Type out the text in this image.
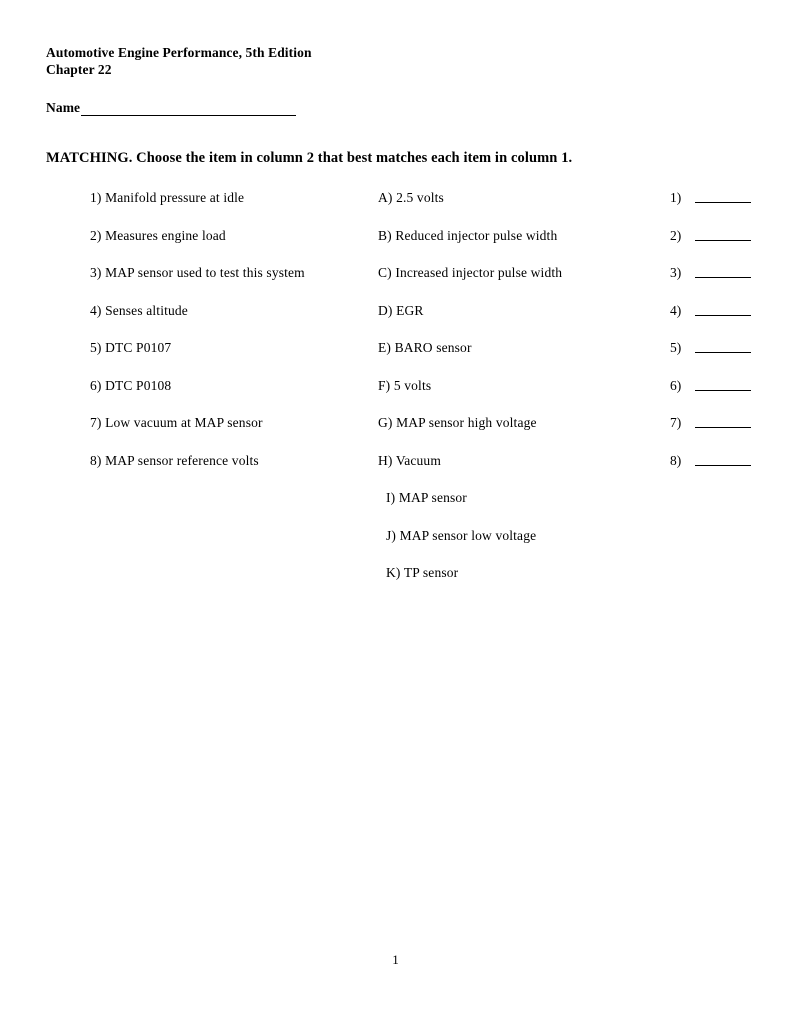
Automotive Engine Performance, 5th Edition
Chapter 22
Name
MATCHING. Choose the item in column 2 that best matches each item in column 1.
1) Manifold pressure at idle
2) Measures engine load
3) MAP sensor used to test this system
4) Senses altitude
5) DTC P0107
6) DTC P0108
7) Low vacuum at MAP sensor
8) MAP sensor reference volts
A) 2.5 volts
B) Reduced injector pulse width
C) Increased injector pulse width
D) EGR
E) BARO sensor
F) 5 volts
G) MAP sensor high voltage
H) Vacuum
I) MAP sensor
J) MAP sensor low voltage
K) TP sensor
1)
2)
3)
4)
5)
6)
7)
8)
1
